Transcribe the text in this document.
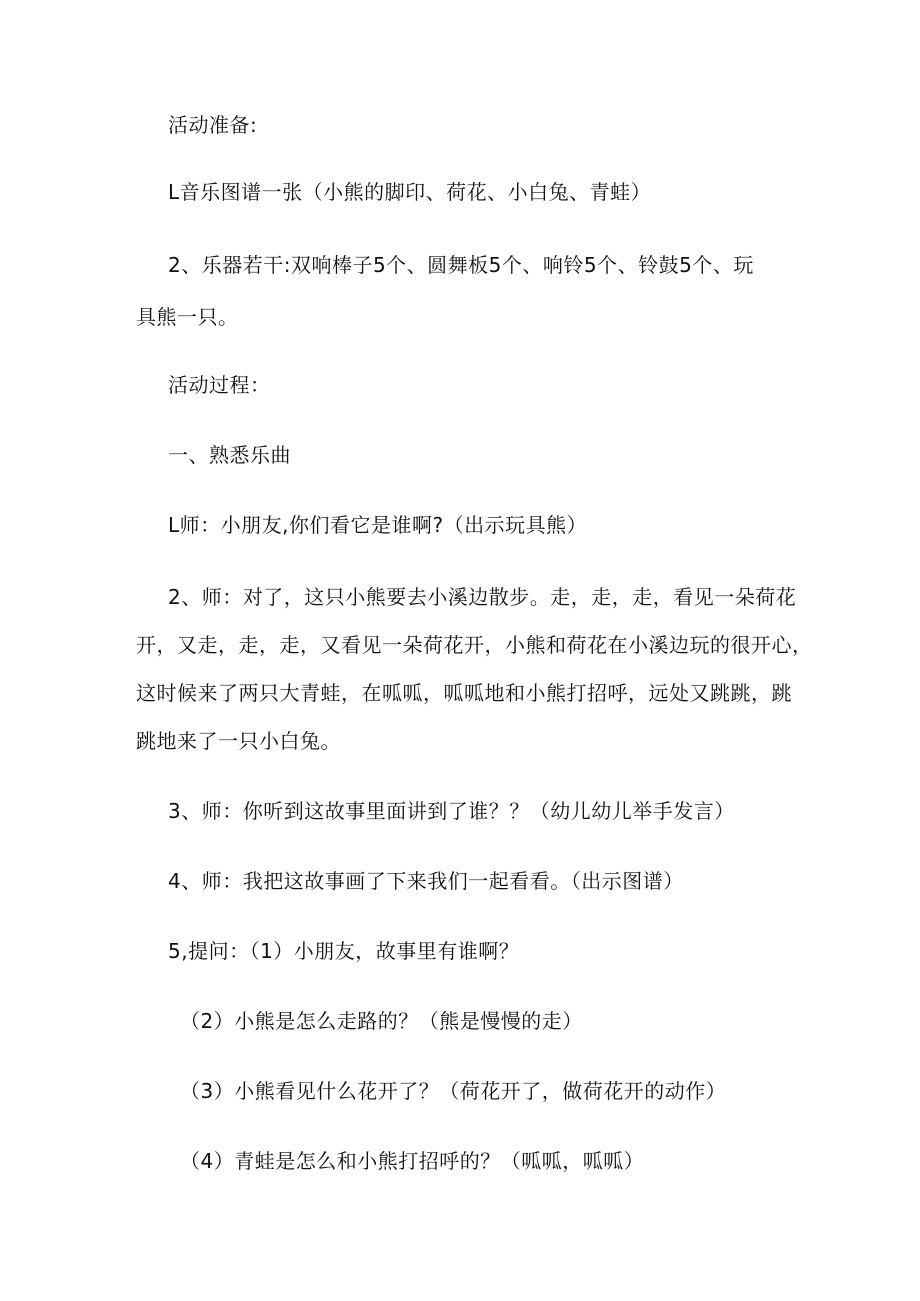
活动准备:
L音乐图谱一张（小熊的脚印、荷花、小白兔、青蛙）
2、乐器若干:双响棒子5个、圆舞板5个、响铃5个、铃鼓5个、玩
具熊一只。
活动过程：
一、熟悉乐曲
L师：小朋友,你们看它是谁啊?（出示玩具熊）
2、师：对了，这只小熊要去小溪边散步。走，走，走，看见一朵荷花
开，又走，走，走，又看见一朵荷花开，小熊和荷花在小溪边玩的很开心，
这时候来了两只大青蛙，在呱呱，呱呱地和小熊打招呼，远处又跳跳，跳
跳地来了一只小白兔。
3、师：你听到这故事里面讲到了谁？？（幼儿幼儿举手发言）
4、师：我把这故事画了下来我们一起看看。（出示图谱）
5,提问：（1）小朋友，故事里有谁啊？
（2）小熊是怎么走路的？（熊是慢慢的走）
（3）小熊看见什么花开了？（荷花开了，做荷花开的动作）
（4）青蛙是怎么和小熊打招呼的？（呱呱，呱呱）
